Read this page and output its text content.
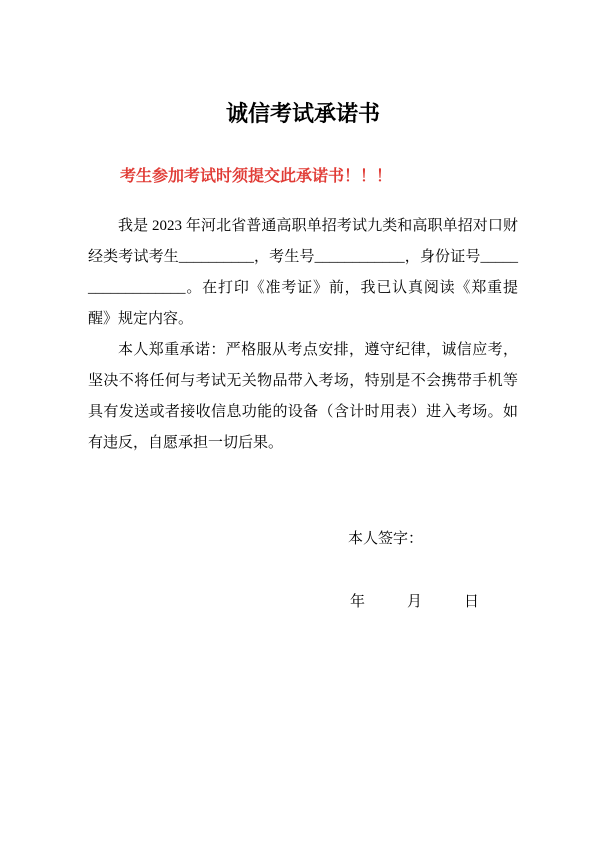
诚信考试承诺书

考生参加考试时须提交此承诺书！！！

我是 2023 年河北省普通高职单招考试九类和高职单招对口财经类考试考生__________，考生号____________，身份证号__________________。在打印《准考证》前，我已认真阅读《郑重提醒》规定内容。

本人郑重承诺：严格服从考点安排，遵守纪律，诚信应考，坚决不将任何与考试无关物品带入考场，特别是不会携带手机等具有发送或者接收信息功能的设备（含计时用表）进入考场。如有违反，自愿承担一切后果。

本人签字：
年	月	日
